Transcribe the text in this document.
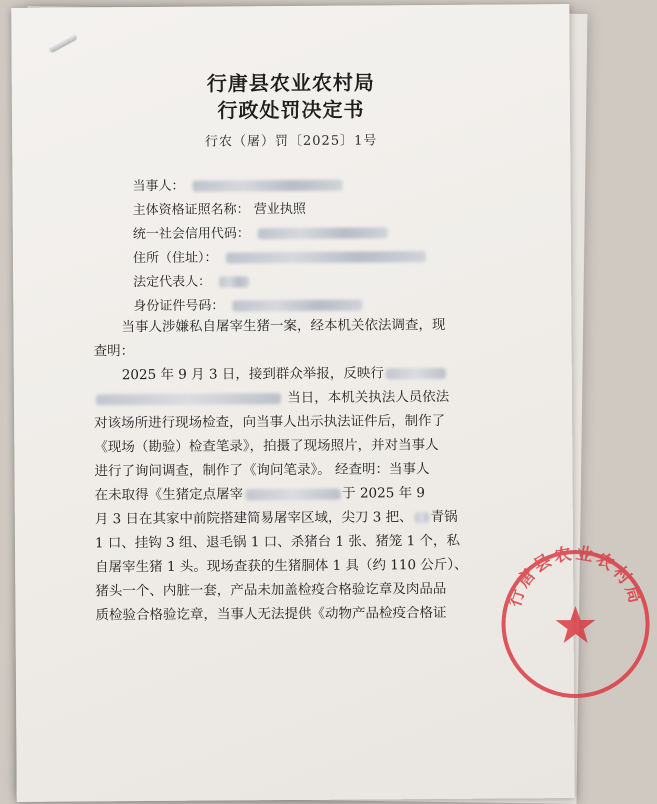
行唐县农业农村局
行政处罚决定书
行农（屠）罚〔2025〕1号
当事人：
主体资格证照名称： 营业执照
统一社会信用代码：
住所（住址）：
法定代表人：
身份证件号码：
当事人涉嫌私自屠宰生猪一案，经本机关依法调查，现
查明：
2025 年 9 月 3 日，接到群众举报，反映行
当日，本机关执法人员依法
对该场所进行现场检查，向当事人出示执法证件后，制作了
《现场（勘验）检查笔录》，拍摄了现场照片，并对当事人
进行了询问调查，制作了《询问笔录》。 经查明：当事人
在未取得《生猪定点屠宰	于 2025 年 9
月 3 日在其家中前院搭建简易屠宰区域，尖刀 3 把、 青锅
1 口、挂钩 3 组、退毛锅 1 口、杀猪台 1 张、猪笼 1 个，私
自屠宰生猪 1 头。现场查获的生猪胴体 1 具（约 110 公斤）、
猪头一个、内脏一套，产品未加盖检疫合格验讫章及肉品品
质检验合格验讫章，当事人无法提供《动物产品检疫合格证
行唐县农业农村局
